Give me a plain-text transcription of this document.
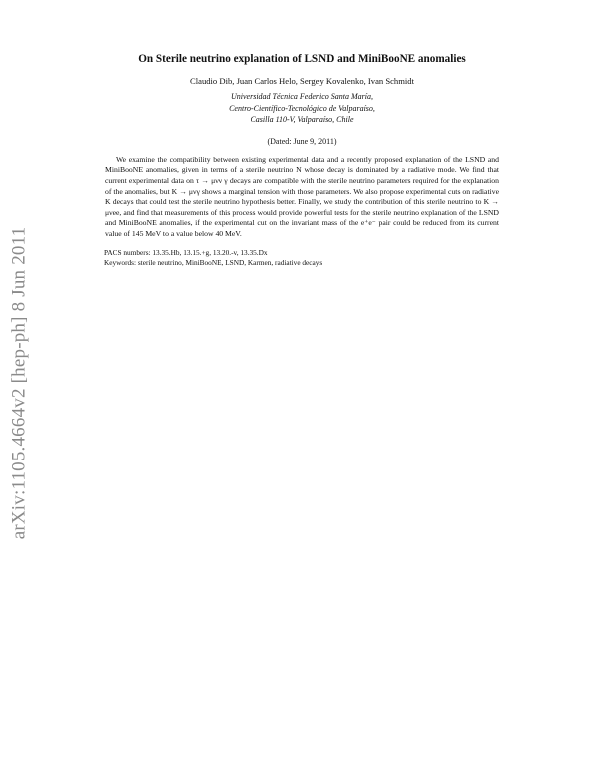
arXiv:1105.4664v2 [hep-ph] 8 Jun 2011
On Sterile neutrino explanation of LSND and MiniBooNE anomalies
Claudio Dib, Juan Carlos Helo, Sergey Kovalenko, Ivan Schmidt
Universidad Técnica Federico Santa María,
Centro-Científico-Tecnológico de Valparaíso,
Casilla 110-V, Valparaíso, Chile
(Dated: June 9, 2011)

We examine the compatibility between existing experimental data and a recently proposed explanation of the LSND and MiniBooNE anomalies, given in terms of a sterile neutrino N whose decay is dominated by a radiative mode. We find that current experimental data on τ → μνν γ decays are compatible with the sterile neutrino parameters required for the explanation of the anomalies, but K → μνγ shows a marginal tension with those parameters. We also propose experimental cuts on radiative K decays that could test the sterile neutrino hypothesis better. Finally, we study the contribution of this sterile neutrino to K → μνee, and find that measurements of this process would provide powerful tests for the sterile neutrino explanation of the LSND and MiniBooNE anomalies, if the experimental cut on the invariant mass of the e⁺e⁻ pair could be reduced from its current value of 145 MeV to a value below 40 MeV.

PACS numbers: 13.35.Hb, 13.15.+g, 13.20.-v, 13.35.Dx
Keywords: sterile neutrino, MiniBooNE, LSND, Karmen, radiative decays
